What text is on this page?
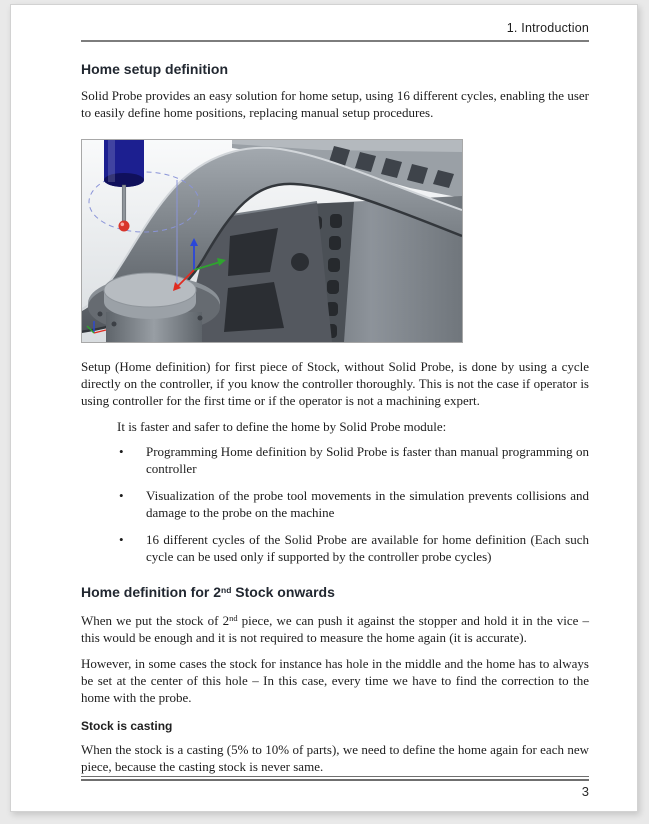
1. Introduction
Home setup definition

Solid Probe provides an easy solution for home setup, using 16 different cycles, enabling the user to easily define home positions, replacing manual setup procedures.

Setup (Home definition) for first piece of Stock, without Solid Probe, is done by using a cycle directly on the controller, if you know the controller thoroughly. This is not the case if operator is using controller for the first time or if the operator is not a machining expert.

It is faster and safer to define the home by Solid Probe module:

•	Programming Home definition by Solid Probe is faster than manual programming on controller
•	Visualization of the probe tool movements in the simulation prevents collisions and damage to the probe on the machine
•	16 different cycles of the Solid Probe are available for home definition (Each such cycle can be used only if supported by the controller probe cycles)
Home definition for 2nd Stock onwards

When we put the stock of 2nd piece, we can push it against the stopper and hold it in the vice – this would be enough and it is not required to measure the home again (it is accurate).

However, in some cases the stock for instance has hole in the middle and the home has to always be set at the center of this hole – In this case, every time we have to find the correction to the home with the probe.

Stock is casting

When the stock is a casting (5% to 10% of parts), we need to define the home again for each new piece, because the casting stock is never same.

3
